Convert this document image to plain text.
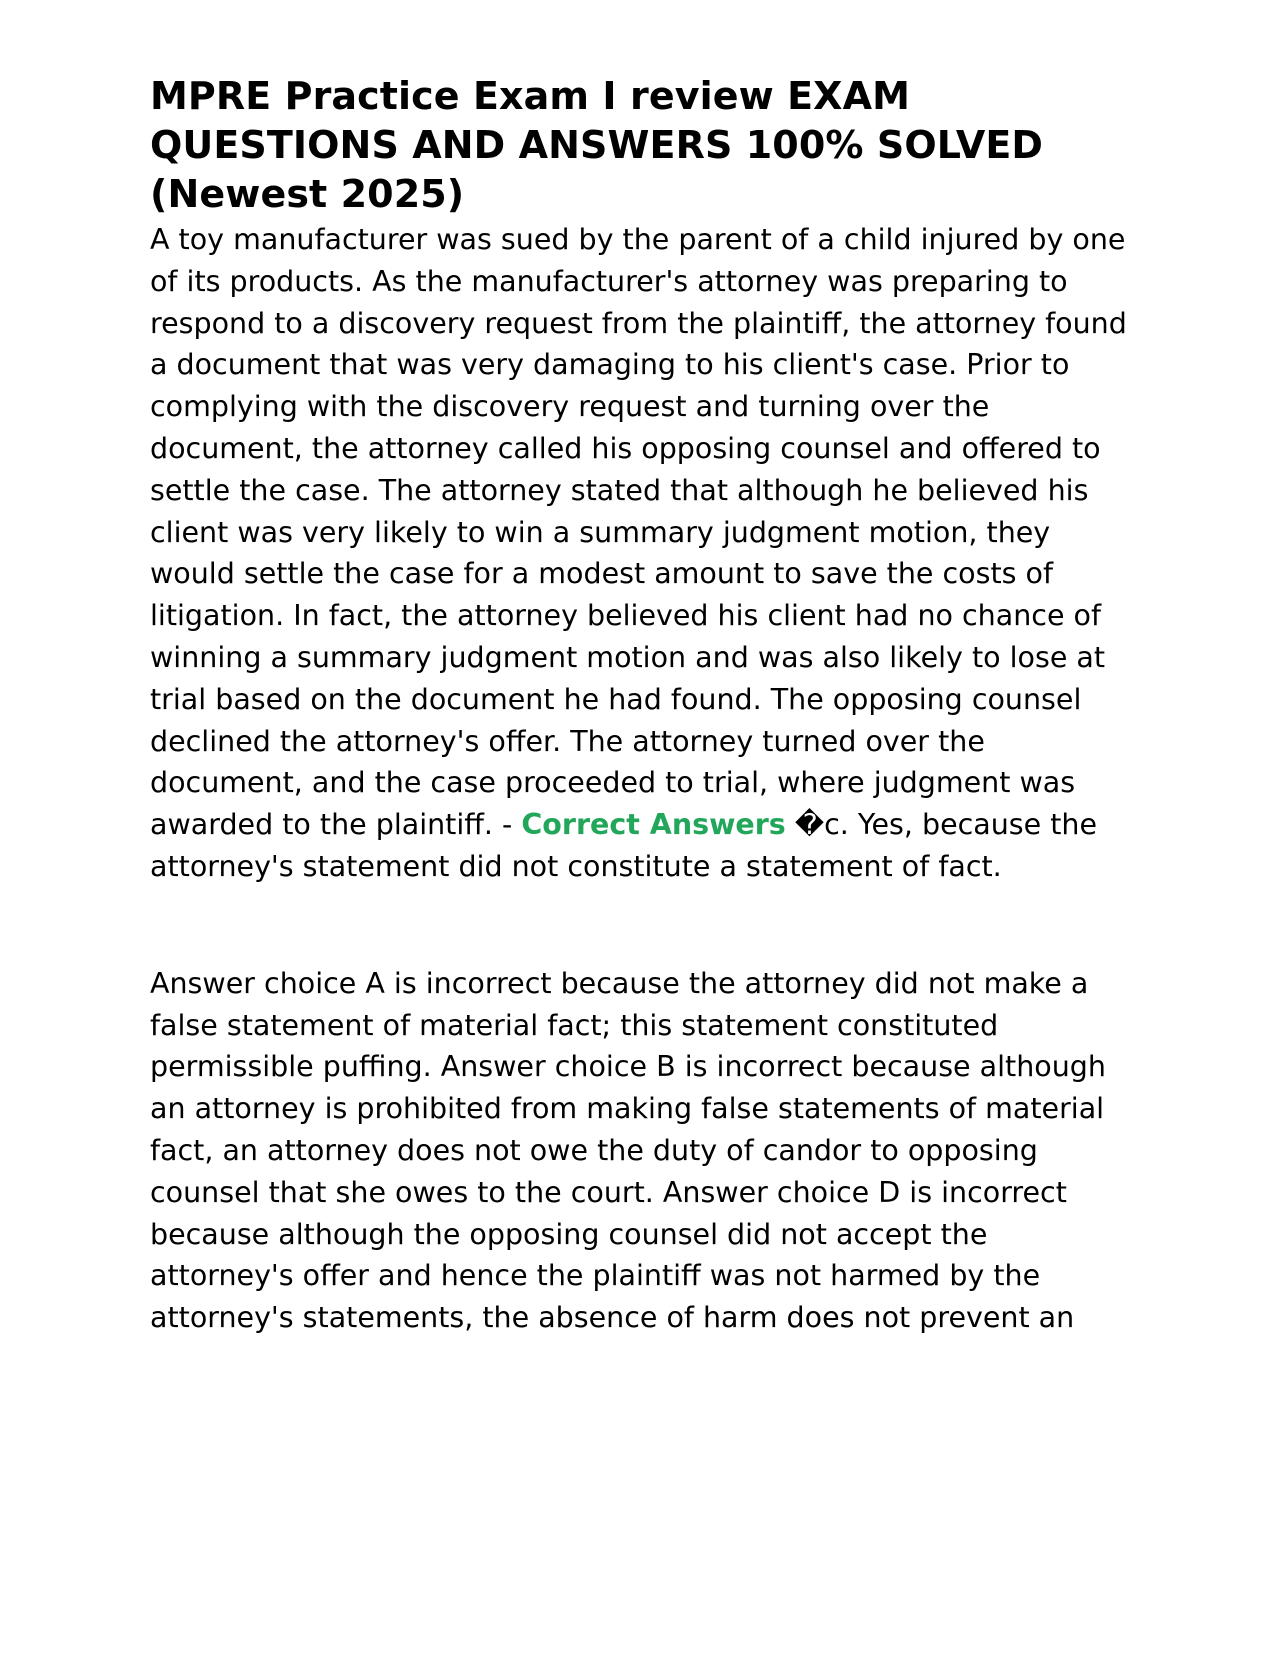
MPRE Practice Exam I review EXAM QUESTIONS AND ANSWERS 100% SOLVED (Newest 2025)

A toy manufacturer was sued by the parent of a child injured by one of its products. As the manufacturer's attorney was preparing to respond to a discovery request from the plaintiff, the attorney found a document that was very damaging to his client's case. Prior to complying with the discovery request and turning over the document, the attorney called his opposing counsel and offered to settle the case. The attorney stated that although he believed his client was very likely to win a summary judgment motion, they would settle the case for a modest amount to save the costs of litigation. In fact, the attorney believed his client had no chance of winning a summary judgment motion and was also likely to lose at trial based on the document he had found. The opposing counsel declined the attorney's offer. The attorney turned over the document, and the case proceeded to trial, where judgment was awarded to the plaintiff. - Correct Answers �c. Yes, because the attorney's statement did not constitute a statement of fact.

Answer choice A is incorrect because the attorney did not make a false statement of material fact; this statement constituted permissible puffing. Answer choice B is incorrect because although an attorney is prohibited from making false statements of material fact, an attorney does not owe the duty of candor to opposing counsel that she owes to the court. Answer choice D is incorrect because although the opposing counsel did not accept the attorney's offer and hence the plaintiff was not harmed by the attorney's statements, the absence of harm does not prevent an
